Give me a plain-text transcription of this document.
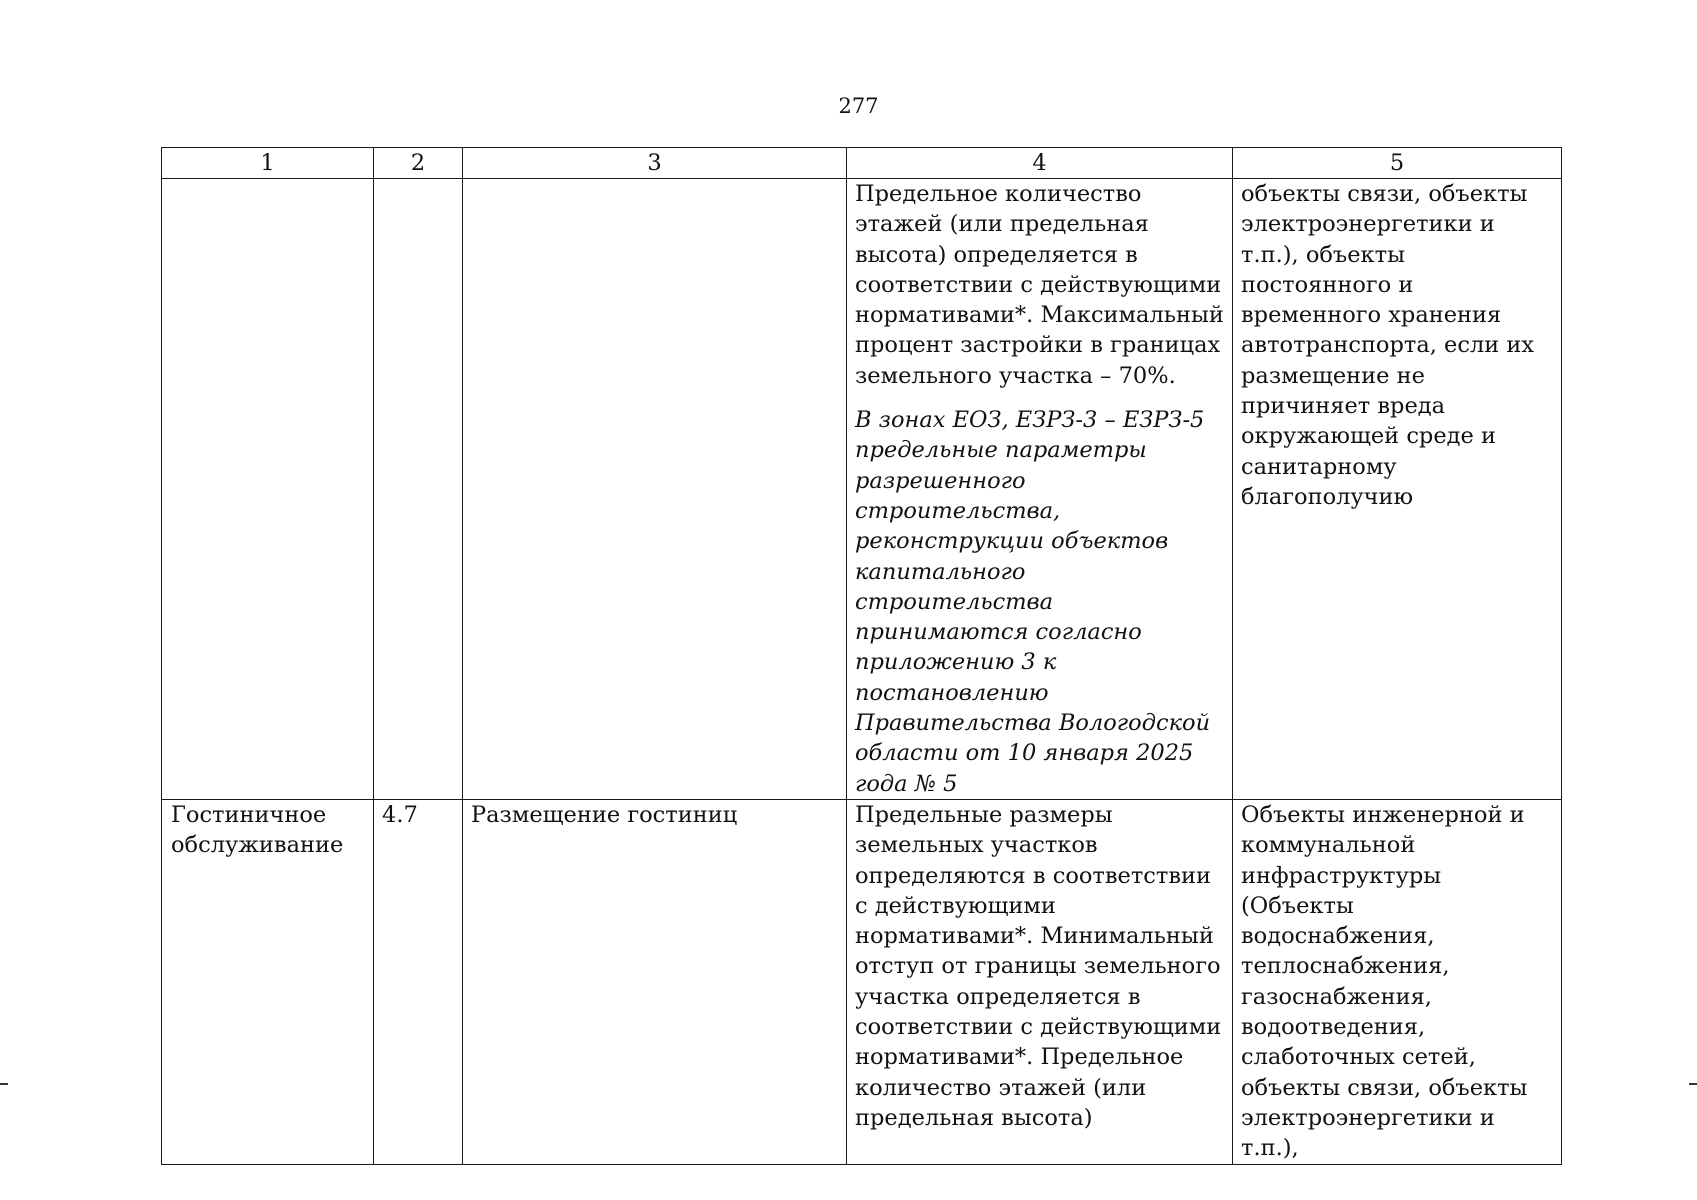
277
1	2	3	4	5

			Предельное количество этажей (или предельная высота) определяется в соответствии с действующими нормативами*. Максимальный процент застройки в границах земельного участка – 70%.
В зонах ЕОЗ, ЕЗРЗ-3 – ЕЗРЗ-5 предельные параметры разрешенного строительства, реконструкции объектов капитального строительства принимаются согласно приложению 3 к постановлению Правительства Вологодской области от 10 января 2025 года № 5	объекты связи, объекты электроэнергетики и т.п.), объекты постоянного и временного хранения автотранспорта, если их размещение не причиняет вреда окружающей среде и санитарному благополучию
Гостиничное обслуживание	4.7	Размещение гостиниц	Предельные размеры земельных участков определяются в соответствии с действующими нормативами*. Минимальный отступ от границы земельного участка определяется в соответствии с действующими нормативами*. Предельное количество этажей (или предельная высота)	Объекты инженерной и коммунальной инфраструктуры (Объекты водоснабжения, теплоснабжения, газоснабжения, водоотведения, слаботочных сетей, объекты связи, объекты электроэнергетики и т.п.),
